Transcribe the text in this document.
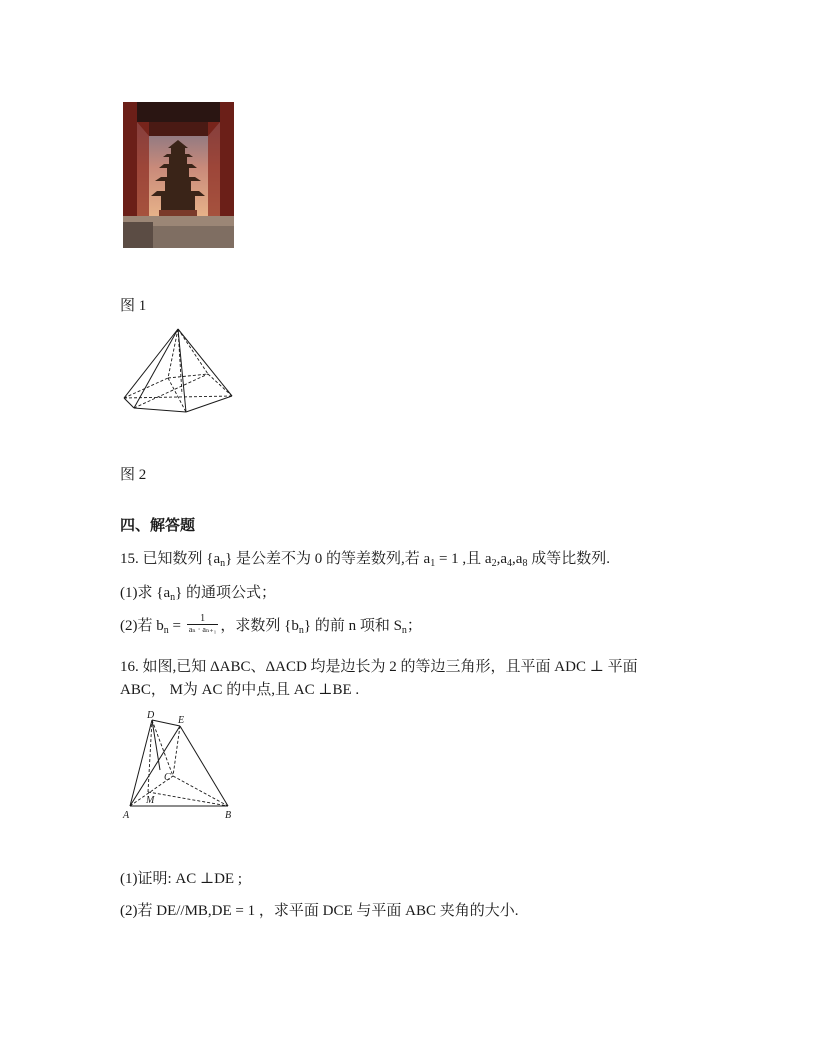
图 1
图 2
四、解答题
15. 已知数列 $\{a_n\}$ 是公差不为 0 的等差数列,若 $a_1 = 1$ ,且 $a_2,a_4,a_8$ 成等比数列.
(1)求 $\{a_n\}$ 的通项公式；
(2)若 $b_n = \frac{1}{\text{aₙ · aₙ₊₁}}$ ，求数列 $\{b_n\}$ 的前 n 项和 $S_n$；
16. 如图,已知 ΔABC、ΔACD 均是边长为 2 的等边三角形，且平面 ADC ⊥ 平面
ABC， M为 AC 的中点,且 AC ⊥BE .
D E
C
M
A	B
(1)证明: AC ⊥DE ;
(2)若 DE//MB,DE = 1 ，求平面 DCE 与平面 ABC 夹角的大小.
